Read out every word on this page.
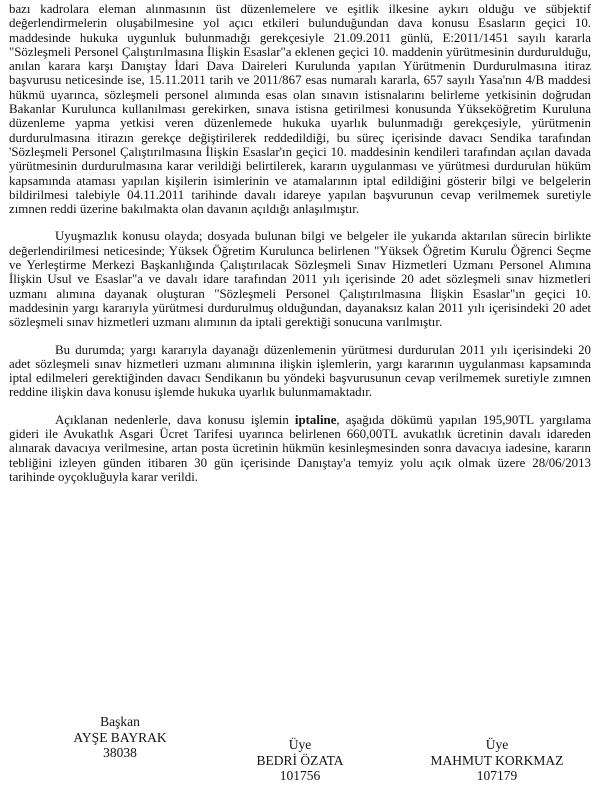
bazı kadrolara eleman alınmasının üst düzenlemelere ve eşitlik ilkesine aykırı olduğu ve sübjektif değerlendirmelerin oluşabilmesine yol açıcı etkileri bulunduğundan dava konusu Esasların geçici 10. maddesinde hukuka uygunluk bulunmadığı gerekçesiyle 21.09.2011 günlü, E:2011/1451 sayılı kararla "Sözleşmeli Personel Çalıştırılmasına İlişkin Esaslar"a eklenen geçici 10. maddenin yürütmesinin durdurulduğu, anılan karara karşı Danıştay İdari Dava Daireleri Kurulunda yapılan Yürütmenin Durdurulmasına itiraz başvurusu neticesinde ise, 15.11.2011 tarih ve 2011/867 esas numaralı kararla, 657 sayılı Yasa'nın 4/B maddesi hükmü uyarınca, sözleşmeli personel alımında esas olan sınavın istisnalarını belirleme yetkisinin doğrudan Bakanlar Kurulunca kullanılması gerekirken, sınava istisna getirilmesi konusunda Yükseköğretim Kuruluna düzenleme yapma yetkisi veren düzenlemede hukuka uyarlık bulunmadığı gerekçesiyle, yürütmenin durdurulmasına itirazın gerekçe değiştirilerek reddedildiği, bu süreç içerisinde davacı Sendika tarafından 'Sözleşmeli Personel Çalıştırılmasına İlişkin Esaslar'ın geçici 10. maddesinin kendileri tarafından açılan davada yürütmesinin durdurulmasına karar verildiği belirtilerek, kararın uygulanması ve yürütmesi durdurulan hüküm kapsamında ataması yapılan kişilerin isimlerinin ve atamalarının iptal edildiğini gösterir bilgi ve belgelerin bildirilmesi talebiyle 04.11.2011 tarihinde davalı idareye yapılan başvurunun cevap verilmemek suretiyle zımnen reddi üzerine bakılmakta olan davanın açıldığı anlaşılmıştır.

Uyuşmazlık konusu olayda; dosyada bulunan bilgi ve belgeler ile yukarıda aktarılan sürecin birlikte değerlendirilmesi neticesinde; Yüksek Öğretim Kurulunca belirlenen "Yüksek Öğretim Kurulu Öğrenci Seçme ve Yerleştirme Merkezi Başkanlığında Çalıştırılacak Sözleşmeli Sınav Hizmetleri Uzmanı Personel Alımına İlişkin Usul ve Esaslar"a ve davalı idare tarafından 2011 yılı içerisinde 20 adet sözleşmeli sınav hizmetleri uzmanı alımına dayanak oluşturan "Sözleşmeli Personel Çalıştırılmasına İlişkin Esaslar"ın geçici 10. maddesinin yargı kararıyla yürütmesi durdurulmuş olduğundan, dayanaksız kalan 2011 yılı içerisindeki 20 adet sözleşmeli sınav hizmetleri uzmanı alımının da iptali gerektiği sonucuna varılmıştır.

Bu durumda; yargı kararıyla dayanağı düzenlemenin yürütmesi durdurulan 2011 yılı içerisindeki 20 adet sözleşmeli sınav hizmetleri uzmanı alımınına ilişkin işlemlerin, yargı kararının uygulanması kapsamında iptal edilmeleri gerektiğinden davacı Sendikanın bu yöndeki başvurusunun cevap verilmemek suretiyle zımnen reddine ilişkin dava konusu işlemde hukuka uyarlık bulunmamaktadır.

Açıklanan nedenlerle, dava konusu işlemin iptaline, aşağıda dökümü yapılan 195,90TL yargılama gideri ile Avukatlık Asgari Ücret Tarifesi uyarınca belirlenen 660,00TL avukatlık ücretinin davalı idareden alınarak davacıya verilmesine, artan posta ücretinin hükmün kesinleşmesinden sonra davacıya iadesine, kararın tebliğini izleyen günden itibaren 30 gün içerisinde Danıştay'a temyiz yolu açık olmak üzere 28/06/2013 tarihinde oyçokluğuyla karar verildi.

Başkan
AYŞE BAYRAK
38038
Üye
BEDRİ ÖZATA
101756
Üye
MAHMUT KORKMAZ
107179
